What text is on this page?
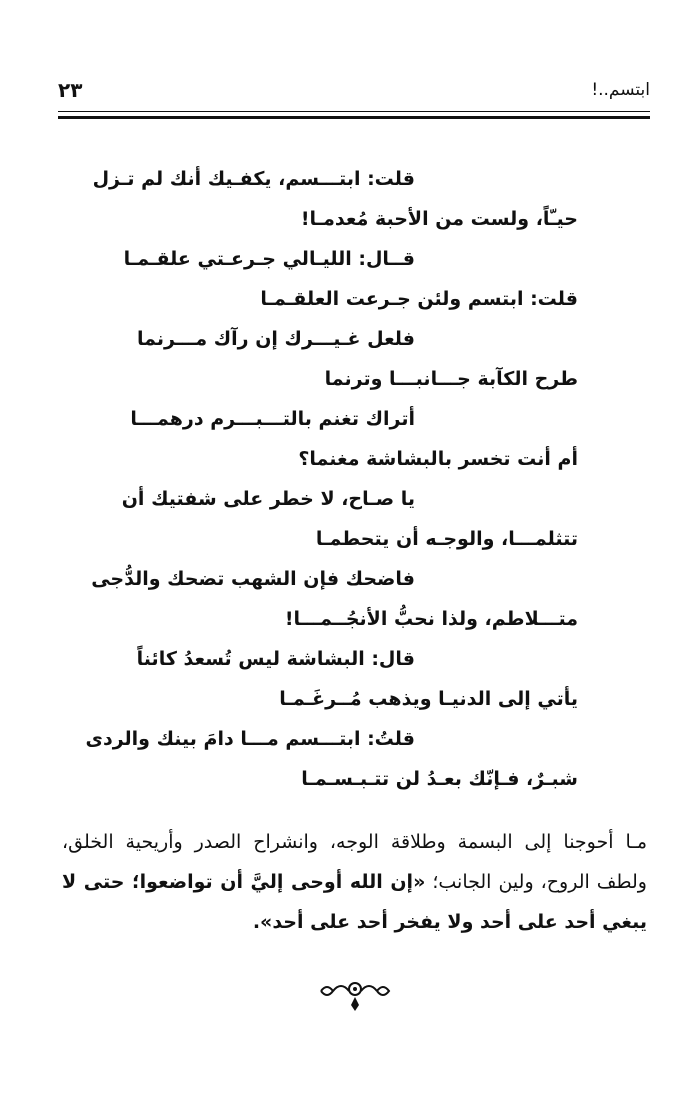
ابتسم..!
٢٣
قلت: ابتـــسم، يكفـيك أنك لم تـزل
حيـّاً، ولست من الأحبة مُعدمـا!
قــال: الليـالي جـرعـتي علقـمـا
قلت: ابتسم ولئن جـرعت العلقـمـا
فلعل غـيـــرك إن رآك مـــرنما
طرح الكآبة جـــانبـــا وترنما
أتراك تغنم بالتـــبـــرم درهمـــا
أم أنت تخسر بالبشاشة مغنما؟
يا صـاح، لا خطر على شفتيك أن
تتثلمـــا، والوجـه أن يتحطمـا
فاضحك فإن الشهب تضحك والدُّجى
متـــلاطم، ولذا نحبُّ الأنجُــمـــا!
قال: البشاشة ليس تُسعدُ كائناً
يأتي إلى الدنيـا ويذهب مُــرغَـمـا
قلتُ: ابتـــسم مـــا دامَ بينك والردى
شبـرٌ، فـإنّك بعـدُ لن تتـبـسـمـا
مـا أحوجنا إلى البسمة وطلاقة الوجه، وانشراح الصدر وأريحية الخلق، ولطف الروح، ولين الجانب؛ «إن الله أوحى إليَّ أن تواضعوا؛ حتى لا يبغي أحد على أحد ولا يفخر أحد على أحد».
